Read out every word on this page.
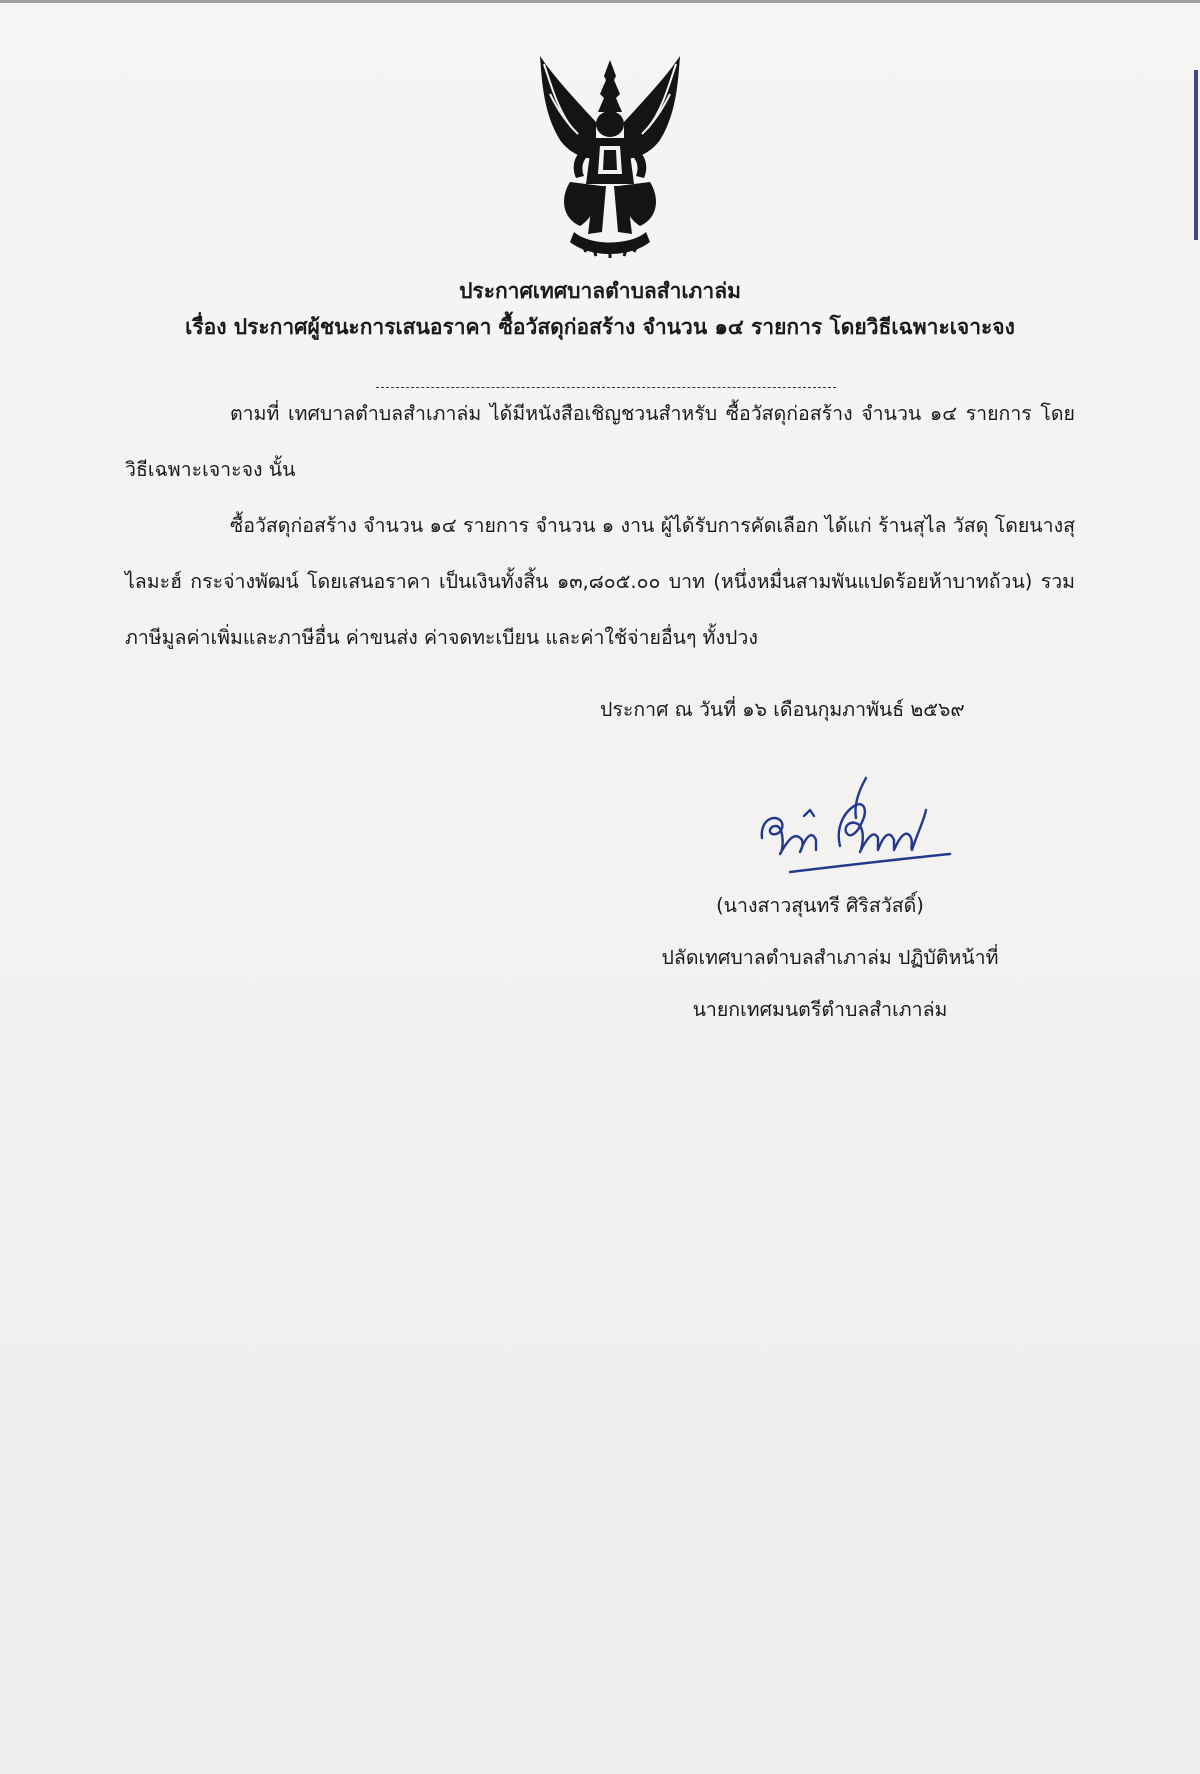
ประกาศเทศบาลตำบลสำเภาล่ม
เรื่อง ประกาศผู้ชนะการเสนอราคา ซื้อวัสดุก่อสร้าง จำนวน ๑๔ รายการ โดยวิธีเฉพาะเจาะจง
ตามที่ เทศบาลตำบลสำเภาล่ม ได้มีหนังสือเชิญชวนสำหรับ ซื้อวัสดุก่อสร้าง จำนวน ๑๔ รายการ โดยวิธีเฉพาะเจาะจง นั้น
ซื้อวัสดุก่อสร้าง จำนวน ๑๔ รายการ จำนวน ๑ งาน ผู้ได้รับการคัดเลือก ได้แก่ ร้านสุไล วัสดุ โดยนางสุไลมะฮ์ กระจ่างพัฒน์ โดยเสนอราคา เป็นเงินทั้งสิ้น ๑๓,๘๐๕.๐๐ บาท (หนึ่งหมื่นสามพันแปดร้อยห้าบาทถ้วน) รวมภาษีมูลค่าเพิ่มและภาษีอื่น ค่าขนส่ง ค่าจดทะเบียน และค่าใช้จ่ายอื่นๆ ทั้งปวง
ประกาศ ณ วันที่ ๑๖ เดือนกุมภาพันธ์ ๒๕๖๙
(นางสาวสุนทรี ศิริสวัสดิ์)
ปลัดเทศบาลตำบลสำเภาล่ม ปฏิบัติหน้าที่
นายกเทศมนตรีตำบลสำเภาล่ม
